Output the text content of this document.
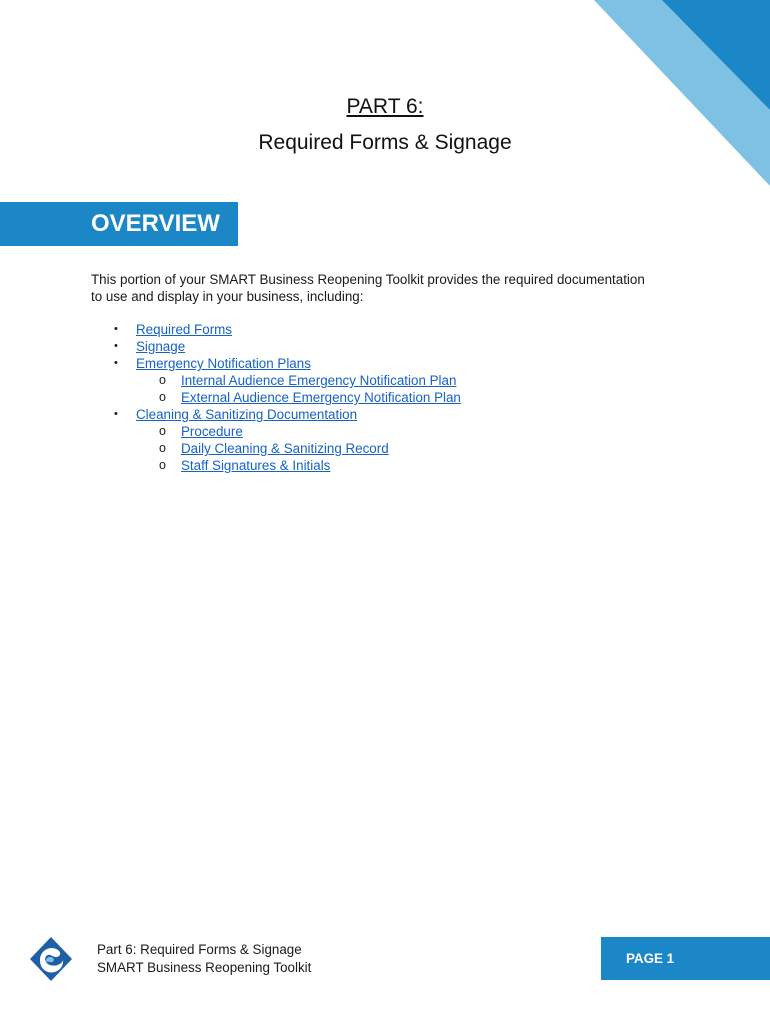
PART 6:
Required Forms & Signage
OVERVIEW
This portion of your SMART Business Reopening Toolkit provides the required documentation
to use and display in your business, including:
• Required Forms
• Signage
• Emergency Notification Plans
o Internal Audience Emergency Notification Plan
o External Audience Emergency Notification Plan
• Cleaning & Sanitizing Documentation
o Procedure
o Daily Cleaning & Sanitizing Record
o Staff Signatures & Initials
Part 6: Required Forms & Signage
SMART Business Reopening Toolkit
PAGE 1
